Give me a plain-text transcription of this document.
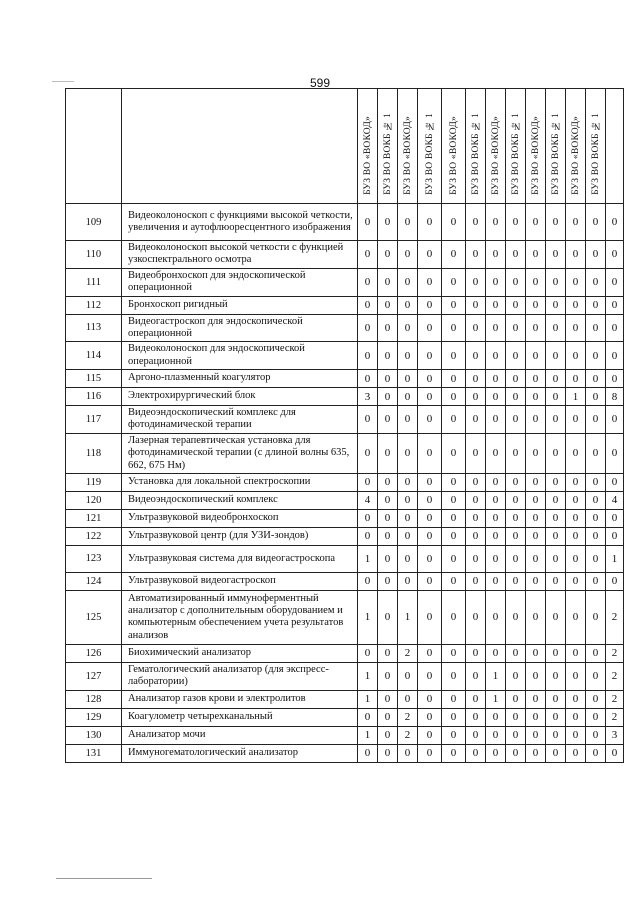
599
		БУЗ ВО «ВОКОД»	БУЗ ВО ВОКБ № 1	БУЗ ВО «ВОКОД»	БУЗ ВО ВОКБ № 1	БУЗ ВО «ВОКОД»	БУЗ ВО ВОКБ № 1	БУЗ ВО «ВОКОД»	БУЗ ВО ВОКБ № 1	БУЗ ВО «ВОКОД»	БУЗ ВО ВОКБ № 1	БУЗ ВО «ВОКОД»	БУЗ ВО ВОКБ № 1	
109	Видеоколоноскоп с функциями высокой четкости, увеличения и аутофлюоресцентного изображения	0	0	0	0	0	0	0	0	0	0	0	0	0
110	Видеоколоноскоп высокой четкости с функцией узкоспектрального осмотра	0	0	0	0	0	0	0	0	0	0	0	0	0
111	Видеобронхоскоп для эндоскопической операционной	0	0	0	0	0	0	0	0	0	0	0	0	0
112	Бронхоскоп ригидный	0	0	0	0	0	0	0	0	0	0	0	0	0
113	Видеогастроскоп для эндоскопической операционной	0	0	0	0	0	0	0	0	0	0	0	0	0
114	Видеоколоноскоп для эндоскопической операционной	0	0	0	0	0	0	0	0	0	0	0	0	0
115	Аргоно-плазменный коагулятор	0	0	0	0	0	0	0	0	0	0	0	0	0
116	Электрохирургический блок	3	0	0	0	0	0	0	0	0	0	1	0	8
117	Видеоэндоскопический комплекс для фотодинамической терапии	0	0	0	0	0	0	0	0	0	0	0	0	0
118	Лазерная терапевтическая установка для фотодинамической терапии (с длиной волны 635, 662, 675 Нм)	0	0	0	0	0	0	0	0	0	0	0	0	0
119	Установка для локальной спектроскопии	0	0	0	0	0	0	0	0	0	0	0	0	0
120	Видеоэндоскопический комплекс	4	0	0	0	0	0	0	0	0	0	0	0	4
121	Ультразвуковой видеобронхоскоп	0	0	0	0	0	0	0	0	0	0	0	0	0
122	Ультразвуковой центр (для УЗИ-зондов)	0	0	0	0	0	0	0	0	0	0	0	0	0
123	Ультразвуковая система для видеогастроскопа	1	0	0	0	0	0	0	0	0	0	0	0	1
124	Ультразвуковой видеогастроскоп	0	0	0	0	0	0	0	0	0	0	0	0	0
125	Автоматизированный иммуноферментный анализатор с дополнительным оборудованием и компьютерным обеспечением учета результатов анализов	1	0	1	0	0	0	0	0	0	0	0	0	2
126	Биохимический анализатор	0	0	2	0	0	0	0	0	0	0	0	0	2
127	Гематологический анализатор (для экспресс-лаборатории)	1	0	0	0	0	0	1	0	0	0	0	0	2
128	Анализатор газов крови и электролитов	1	0	0	0	0	0	1	0	0	0	0	0	2
129	Коагулометр четырехканальный	0	0	2	0	0	0	0	0	0	0	0	0	2
130	Анализатор мочи	1	0	2	0	0	0	0	0	0	0	0	0	3
131	Иммуногематологический анализатор	0	0	0	0	0	0	0	0	0	0	0	0	0
